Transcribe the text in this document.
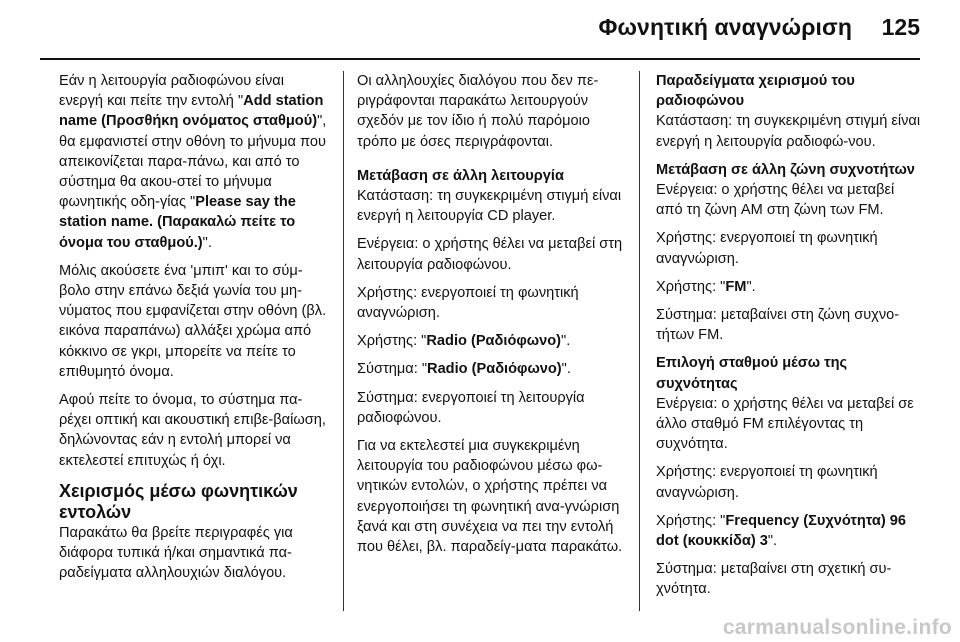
Φωνητική αναγνώριση 125

Εάν η λειτουργία ραδιοφώνου είναι ενεργή και πείτε την εντολή "Add station name (Προσθήκη ονόματος σταθμού)", θα εμφανιστεί στην οθόνη το μήνυμα που απεικονίζεται παρα-πάνω, και από το σύστημα θα ακου-στεί το μήνυμα φωνητικής οδη-γίας "Please say the station name. (Παρακαλώ πείτε το όνομα του σταθμού.)".

Μόλις ακούσετε ένα 'μπιπ' και το σύμ-βολο στην επάνω δεξιά γωνία του μη-νύματος που εμφανίζεται στην οθόνη (βλ. εικόνα παραπάνω) αλλάξει χρώμα από κόκκινο σε γκρι, μπορείτε να πείτε το επιθυμητό όνομα.

Αφού πείτε το όνομα, το σύστημα πα-ρέχει οπτική και ακουστική επιβε-βαίωση, δηλώνοντας εάν η εντολή μπορεί να εκτελεστεί επιτυχώς ή όχι.

Χειρισμός μέσω φωνητικών εντολών

Παρακάτω θα βρείτε περιγραφές για διάφορα τυπικά ή/και σημαντικά πα-ραδείγματα αλληλουχιών διαλόγου.

Οι αλληλουχίες διαλόγου που δεν πε-ριγράφονται παρακάτω λειτουργούν σχεδόν με τον ίδιο ή πολύ παρόμοιο τρόπο με όσες περιγράφονται.

Μετάβαση σε άλλη λειτουργία

Κατάσταση: τη συγκεκριμένη στιγμή είναι ενεργή η λειτουργία CD player.

Ενέργεια: ο χρήστης θέλει να μεταβεί στη λειτουργία ραδιοφώνου.

Χρήστης: ενεργοποιεί τη φωνητική αναγνώριση.

Χρήστης: "Radio (Ραδιόφωνο)".

Σύστημα: "Radio (Ραδιόφωνο)".

Σύστημα: ενεργοποιεί τη λειτουργία ραδιοφώνου.

Για να εκτελεστεί μια συγκεκριμένη λειτουργία του ραδιοφώνου μέσω φω-νητικών εντολών, ο χρήστης πρέπει να ενεργοποιήσει τη φωνητική ανα-γνώριση ξανά και στη συνέχεια να πει την εντολή που θέλει, βλ. παραδείγ-ματα παρακάτω.

Παραδείγματα χειρισμού του ραδιοφώνου

Κατάσταση: τη συγκεκριμένη στιγμή είναι ενεργή η λειτουργία ραδιοφώ-νου.

Μετάβαση σε άλλη ζώνη συχνοτήτων

Ενέργεια: ο χρήστης θέλει να μεταβεί από τη ζώνη AM στη ζώνη των FM.

Χρήστης: ενεργοποιεί τη φωνητική αναγνώριση.

Χρήστης: "FM".

Σύστημα: μεταβαίνει στη ζώνη συχνο-τήτων FM.

Επιλογή σταθμού μέσω της συχνότητας

Ενέργεια: ο χρήστης θέλει να μεταβεί σε άλλο σταθμό FM επιλέγοντας τη συχνότητα.

Χρήστης: ενεργοποιεί τη φωνητική αναγνώριση.

Χρήστης: "Frequency (Συχνότητα) 96 dot (κουκκίδα) 3".

Σύστημα: μεταβαίνει στη σχετική συ-χνότητα.

carmanualsonline.info
